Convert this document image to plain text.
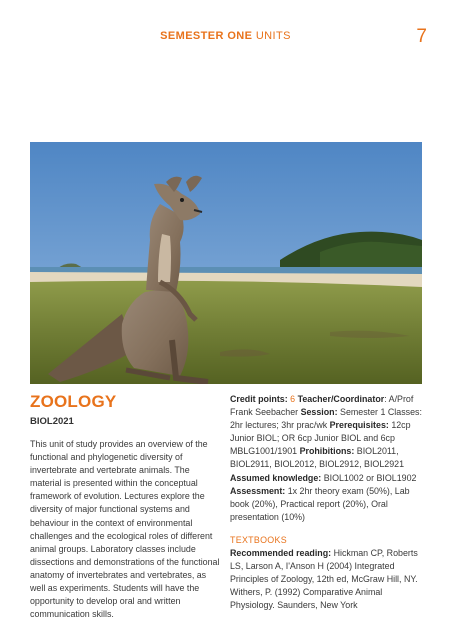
SEMESTER ONE UNITS	7
ZOOLOGY
BIOL2021
This unit of study provides an overview of the functional and phylogenetic diversity of invertebrate and vertebrate animals. The material is presented within the conceptual framework of evolution. Lectures explore the diversity of major functional systems and behaviour in the context of environmental challenges and the ecological roles of different animal groups. Laboratory classes include dissections and demonstrations of the functional anatomy of invertebrates and vertebrates, as well as experiments. Students will have the opportunity to develop oral and written communication skills.
Credit points: 6 Teacher/Coordinator: A/Prof Frank Seebacher Session: Semester 1 Classes: 2hr lectures; 3hr prac/wk Prerequisites: 12cp Junior BIOL; OR 6cp Junior BIOL and 6cp MBLG1001/1901 Prohibitions: BIOL2011, BIOL2911, BIOL2012, BIOL2912, BIOL2921 Assumed knowledge: BIOL1002 or BIOL1902 Assessment: 1x 2hr theory exam (50%), Lab book (20%), Practical report (20%), Oral presentation (10%)
TEXTBOOKS
Recommended reading: Hickman CP, Roberts LS, Larson A, I'Anson H (2004) Integrated Principles of Zoology, 12th ed, McGraw Hill, NY. Withers, P. (1992) Comparative Animal Physiology. Saunders, New York
